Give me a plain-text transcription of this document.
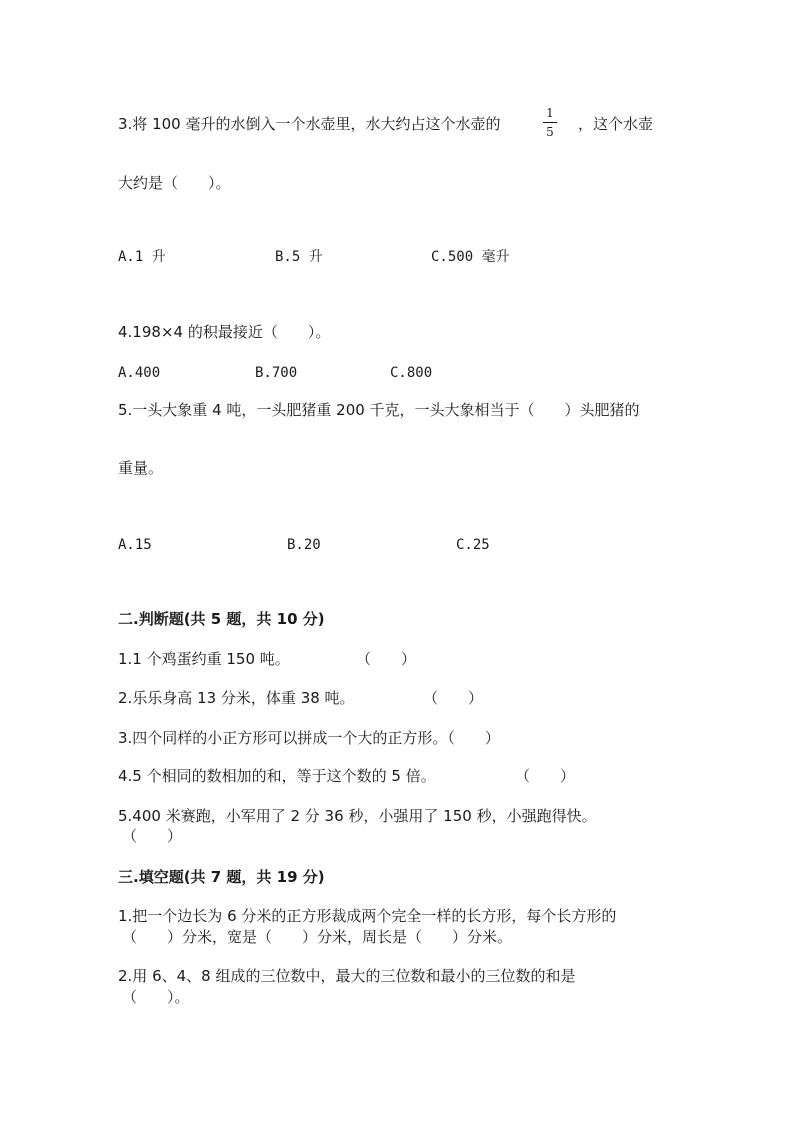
3.将 100 毫升的水倒入一个水壶里，水大约占这个水壶的
1
5 ，这个水壶
大约是（　　）。
A.1 升	B.5 升	C.500 毫升
4.198×4 的积最接近（　　）。
A.400	B.700	C.800
5.一头大象重 4 吨，一头肥猪重 200 千克，一头大象相当于（　　）头肥猪的
重量。
A.15	B.20	C.25
二.判断题(共 5 题，共 10 分)
1.1 个鸡蛋约重 150 吨。	（　　）
2.乐乐身高 13 分米，体重 38 吨。	（　　）
3.四个同样的小正方形可以拼成一个大的正方形。（　　）
4.5 个相同的数相加的和，等于这个数的 5 倍。	（　　）
5.400 米赛跑，小军用了 2 分 36 秒，小强用了 150 秒，小强跑得快。
（　　）
三.填空题(共 7 题，共 19 分)
1.把一个边长为 6 分米的正方形裁成两个完全一样的长方形，每个长方形的
（　　）分米，宽是（　　）分米，周长是（　　）分米。
2.用 6、4、8 组成的三位数中，最大的三位数和最小的三位数的和是
（　　）。
